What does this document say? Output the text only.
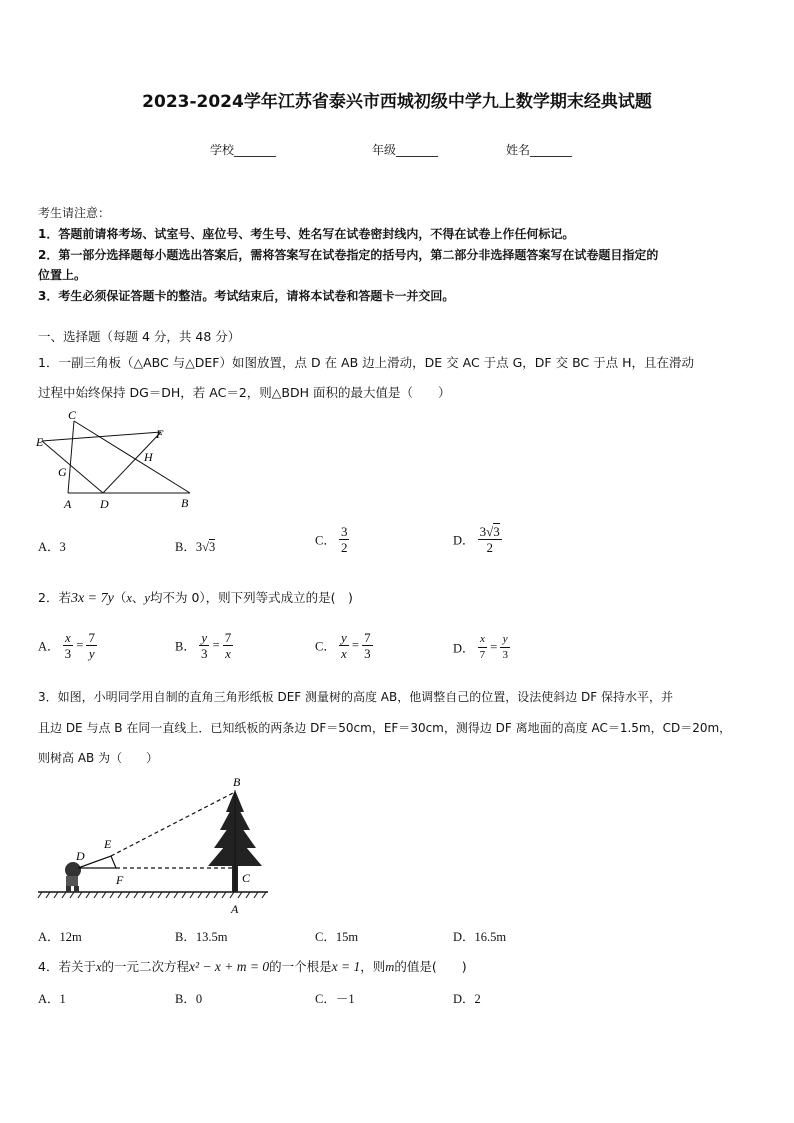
2023-2024学年江苏省泰兴市西城初级中学九上数学期末经典试题
学校_______	年级_______	姓名_______
考生请注意：
1．答题前请将考场、试室号、座位号、考生号、姓名写在试卷密封线内，不得在试卷上作任何标记。
2．第一部分选择题每小题选出答案后，需将答案写在试卷指定的括号内，第二部分非选择题答案写在试卷题目指定的
位置上。
3．考生必须保证答题卡的整洁。考试结束后，请将本试卷和答题卡一并交回。
一、选择题（每题 4 分，共 48 分）
1．一副三角板（△ABC 与△DEF）如图放置，点 D 在 AB 边上滑动，DE 交 AC 于点 G，DF 交 BC 于点 H，且在滑动
过程中始终保持 DG＝DH，若 AC＝2，则△BDH 面积的最大值是（　　）
C
E
F
H
G
A D	B
A．3	B．3√3	C． $\frac{3}{2}$	D． $\frac{3√3}{2}$
2．若3x = 7y（x、y均不为 0），则下列等式成立的是(　)
A． $\frac{x}{3} = \frac{7}{y}$	B． $\frac{y}{3} = \frac{7}{x}$	C． $\frac{y}{x} = \frac{7}{3}$	D． $\frac{x}{7} = \frac{y}{3}$
3．如图，小明同学用自制的直角三角形纸板 DEF 测量树的高度 AB，他调整自己的位置，设法使斜边 DF 保持水平，并
且边 DE 与点 B 在同一直线上．已知纸板的两条边 DF＝50cm，EF＝30cm，测得边 DF 离地面的高度 AC＝1.5m，CD＝20m，
则树高 AB 为（　　）
B
E
D
F	C
A
A．12m	B．13.5m	C．15m	D．16.5m
4．若关于x的一元二次方程x² − x + m = 0的一个根是x = 1，则m的值是(　　)
A．1	B．0	C．－1	D．2
